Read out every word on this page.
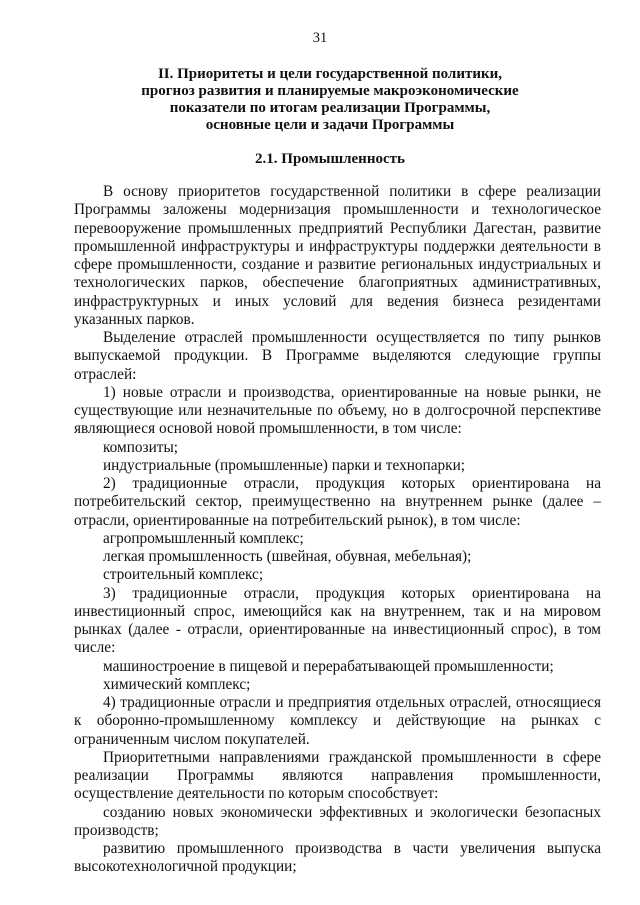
31
II. Приоритеты и цели государственной политики,
прогноз развития и планируемые макроэкономические
показатели по итогам реализации Программы,
основные цели и задачи Программы
2.1. Промышленность

В основу приоритетов государственной политики в сфере реализации Программы заложены модернизация промышленности и технологическое перевооружение промышленных предприятий Республики Дагестан, развитие промышленной инфраструктуры и инфраструктуры поддержки деятельности в сфере промышленности, создание и развитие региональных индустриальных и технологических парков, обеспечение благоприятных административных, инфраструктурных и иных условий для ведения бизнеса резидентами указанных парков.

Выделение отраслей промышленности осуществляется по типу рынков выпускаемой продукции. В Программе выделяются следующие группы отраслей:

1) новые отрасли и производства, ориентированные на новые рынки, не существующие или незначительные по объему, но в долгосрочной перспективе являющиеся основой новой промышленности, в том числе:

композиты;

индустриальные (промышленные) парки и технопарки;

2) традиционные отрасли, продукция которых ориентирована на потребительский сектор, преимущественно на внутреннем рынке (далее – отрасли, ориентированные на потребительский рынок), в том числе:

агропромышленный комплекс;

легкая промышленность (швейная, обувная, мебельная);

строительный комплекс;

3) традиционные отрасли, продукция которых ориентирована на инвестиционный спрос, имеющийся как на внутреннем, так и на мировом рынках (далее - отрасли, ориентированные на инвестиционный спрос), в том числе:

машиностроение в пищевой и перерабатывающей промышленности;

химический комплекс;

4) традиционные отрасли и предприятия отдельных отраслей, относящиеся к оборонно-промышленному комплексу и действующие на рынках с ограниченным числом покупателей.

Приоритетными направлениями гражданской промышленности в сфере реализации Программы являются направления промышленности, осуществление деятельности по которым способствует:

созданию новых экономически эффективных и экологически безопасных производств;

развитию промышленного производства в части увеличения выпуска высокотехнологичной продукции;
